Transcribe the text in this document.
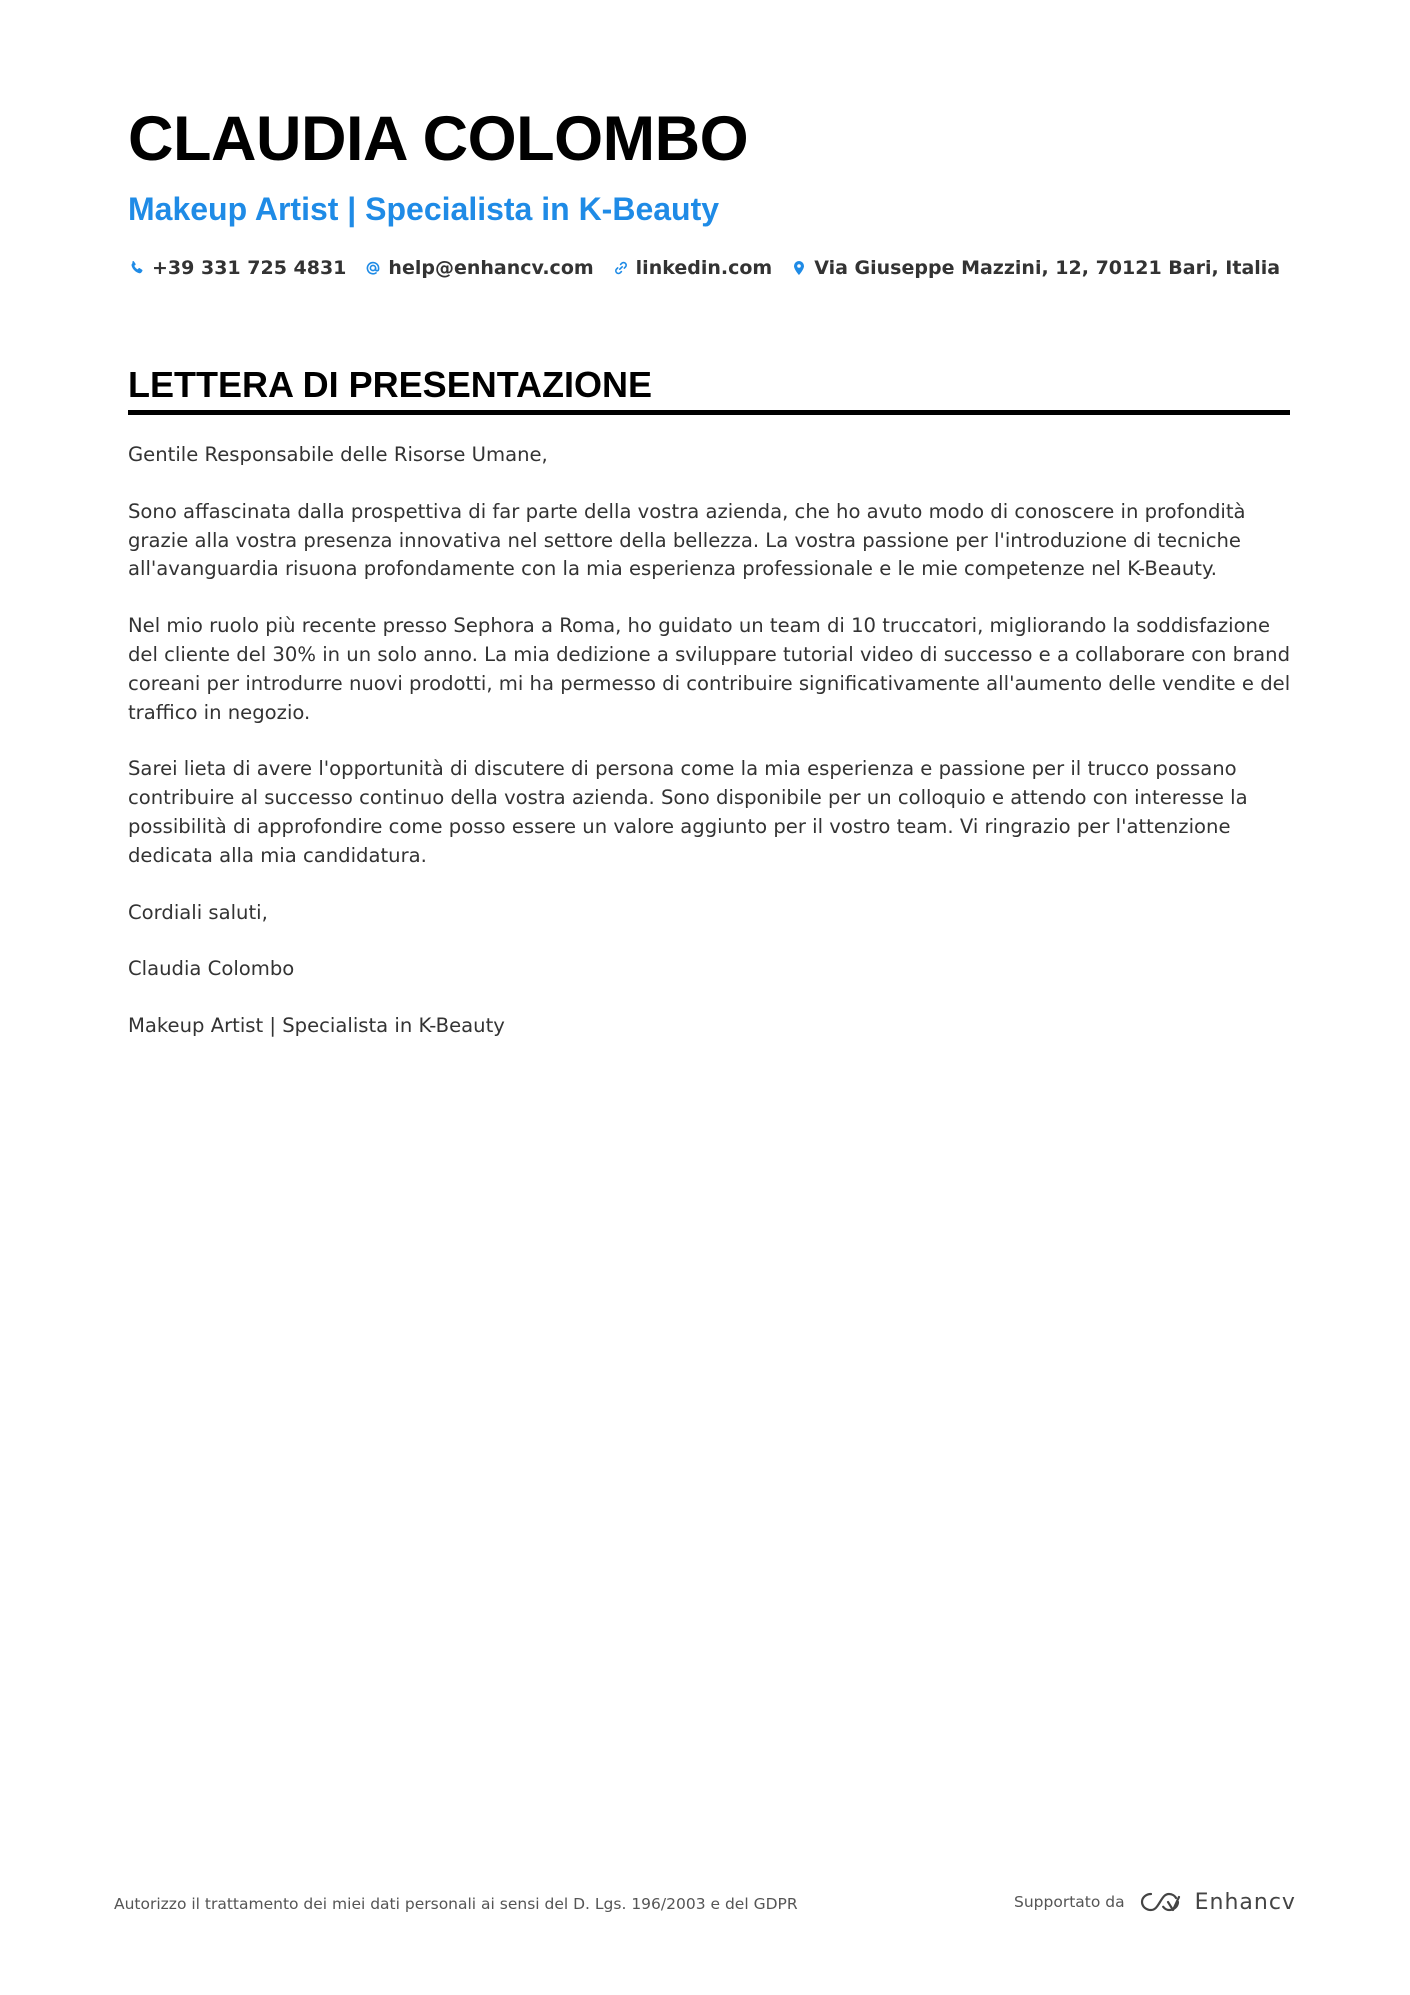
CLAUDIA COLOMBO
Makeup Artist | Specialista in K-Beauty
+39 331 725 4831 help@enhancv.com linkedin.com Via Giuseppe Mazzini, 12, 70121 Bari, Italia
LETTERA DI PRESENTAZIONE

Gentile Responsabile delle Risorse Umane,

Sono affascinata dalla prospettiva di far parte della vostra azienda, che ho avuto modo di conoscere in profondità grazie alla vostra presenza innovativa nel settore della bellezza. La vostra passione per l'introduzione di tecniche all'avanguardia risuona profondamente con la mia esperienza professionale e le mie competenze nel K-Beauty.

Nel mio ruolo più recente presso Sephora a Roma, ho guidato un team di 10 truccatori, migliorando la soddisfazione del cliente del 30% in un solo anno. La mia dedizione a sviluppare tutorial video di successo e a collaborare con brand coreani per introdurre nuovi prodotti, mi ha permesso di contribuire significativamente all'aumento delle vendite e del traffico in negozio.

Sarei lieta di avere l'opportunità di discutere di persona come la mia esperienza e passione per il trucco possano contribuire al successo continuo della vostra azienda. Sono disponibile per un colloquio e attendo con interesse la possibilità di approfondire come posso essere un valore aggiunto per il vostro team. Vi ringrazio per l'attenzione dedicata alla mia candidatura.

Cordiali saluti,

Claudia Colombo

Makeup Artist | Specialista in K-Beauty

Autorizzo il trattamento dei miei dati personali ai sensi del D. Lgs. 196/2003 e del GDPR	Supportato da	Enhancv
